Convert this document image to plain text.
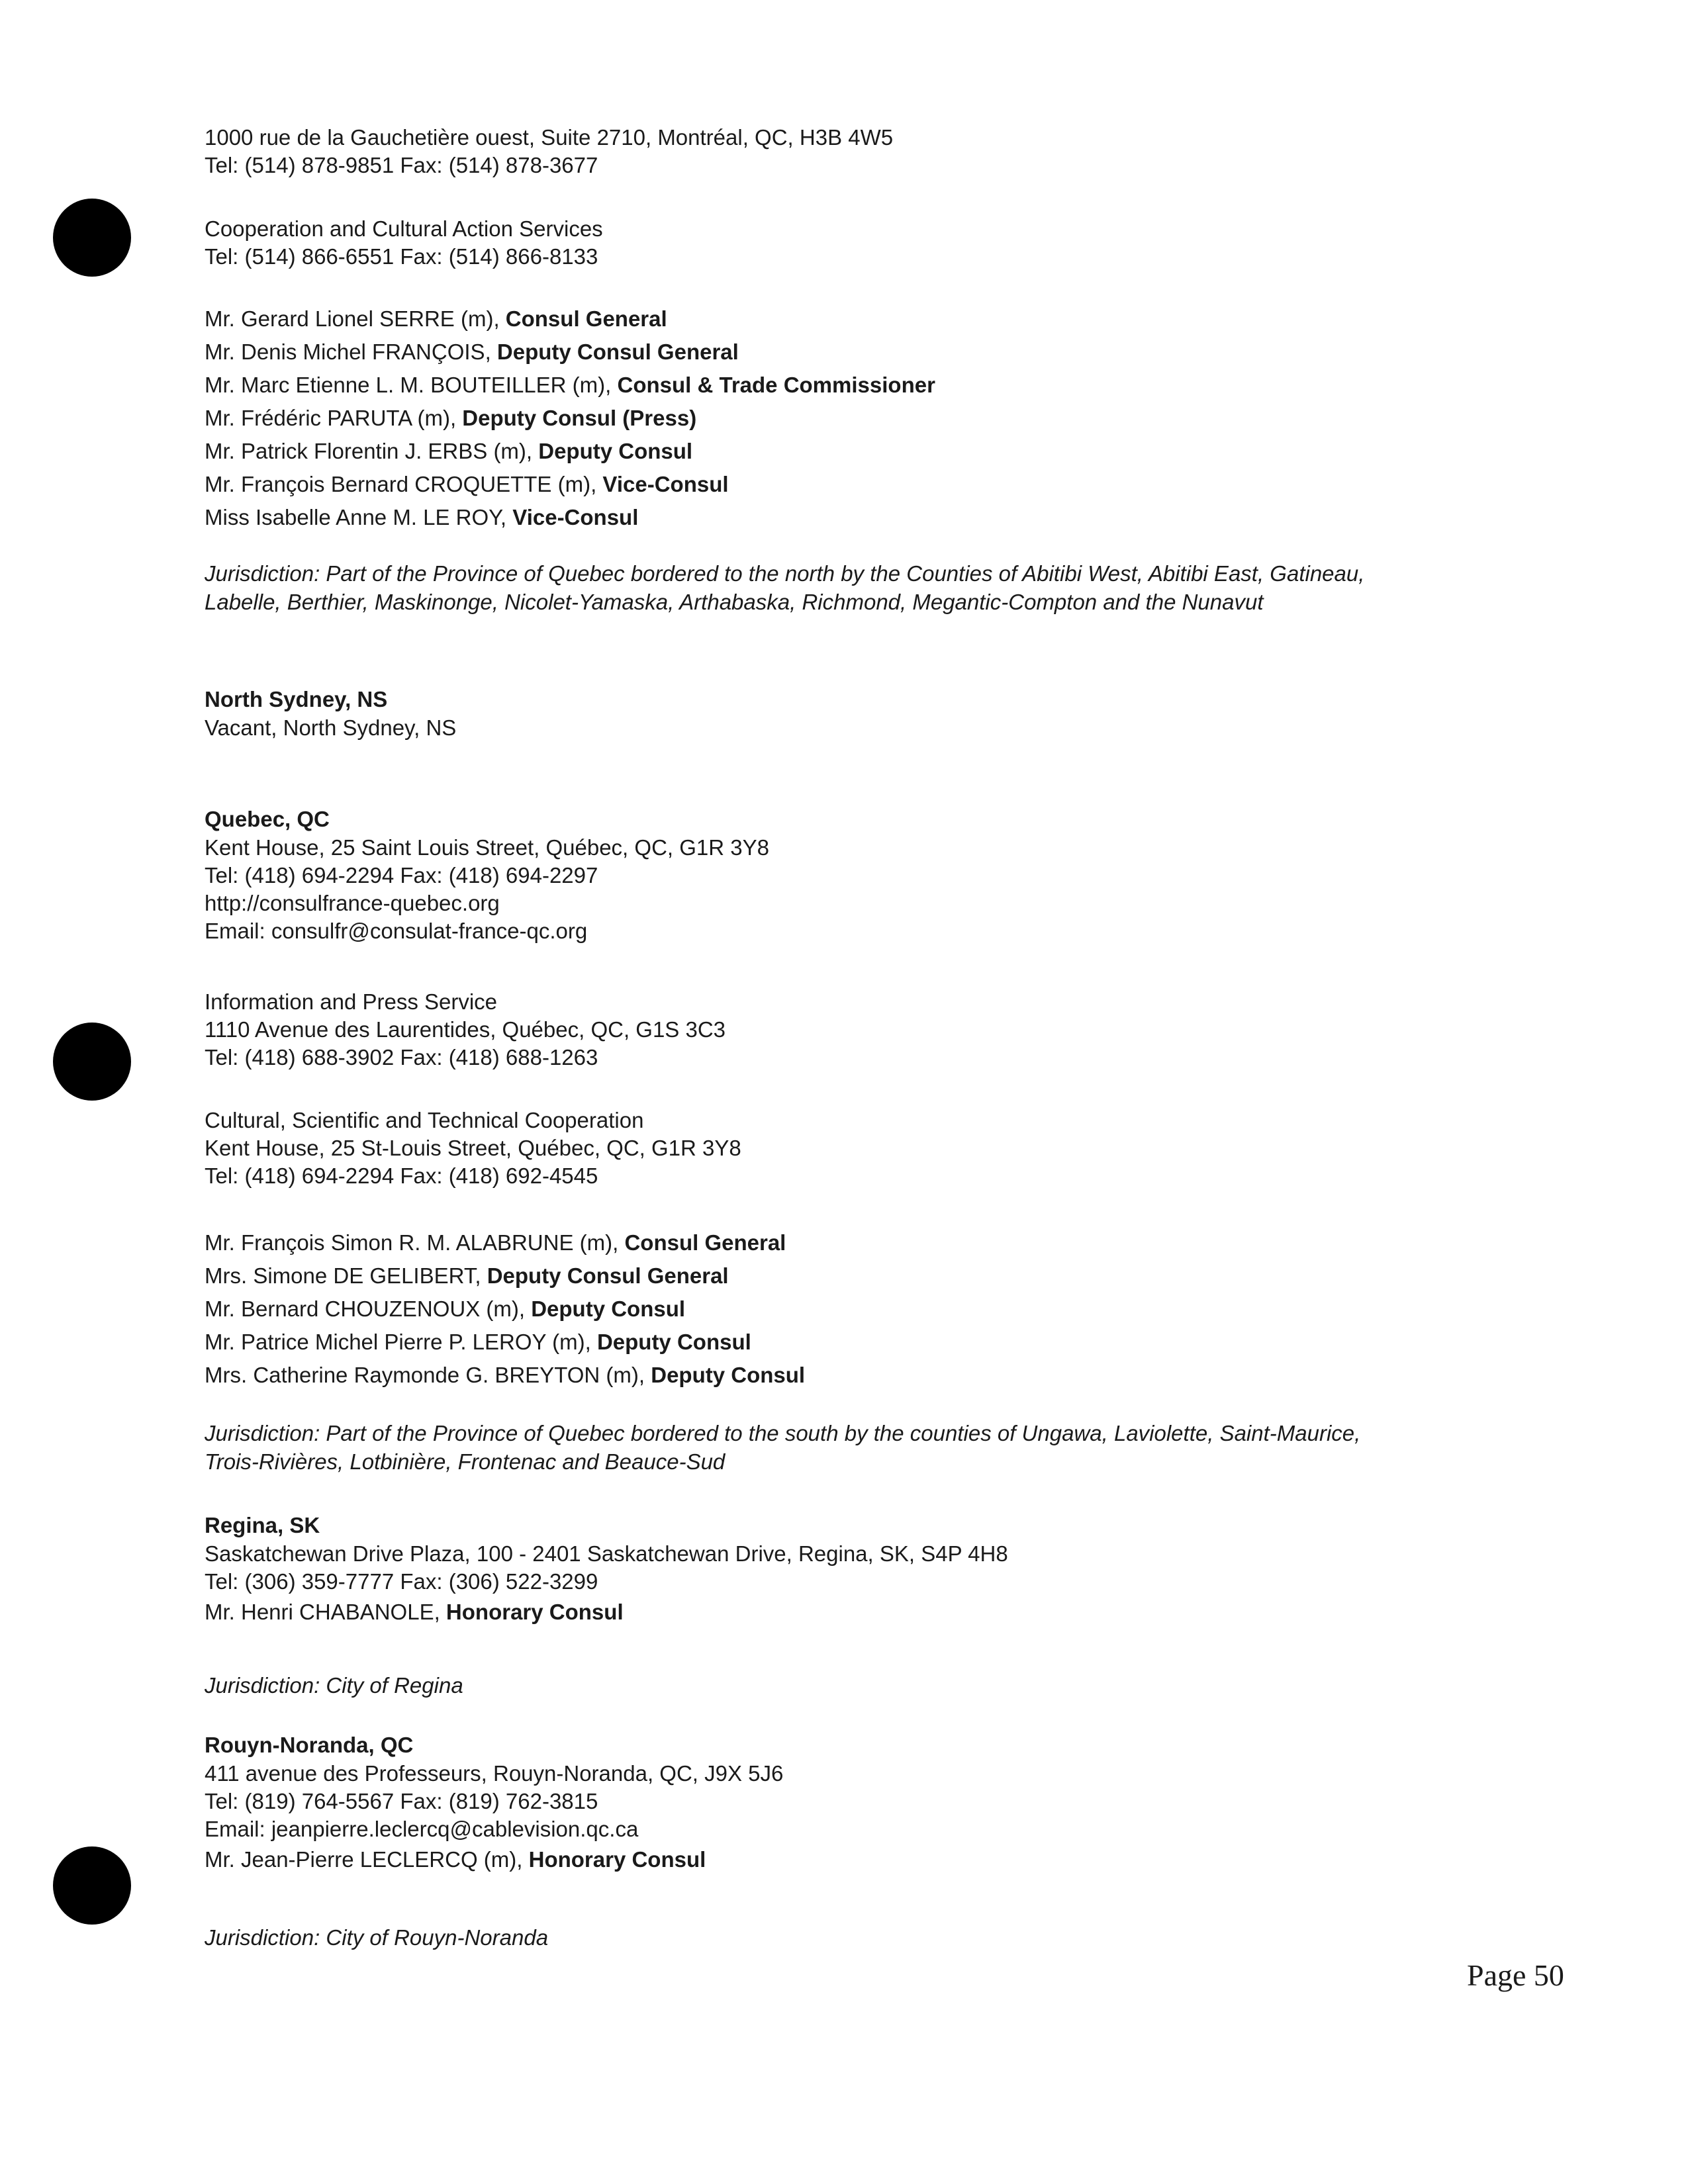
1000 rue de la Gauchetière ouest, Suite 2710, Montréal, QC, H3B 4W5
Tel: (514) 878-9851 Fax: (514) 878-3677
Cooperation and Cultural Action Services
Tel: (514) 866-6551 Fax: (514) 866-8133
Mr. Gerard Lionel SERRE (m), Consul General
Mr. Denis Michel FRANÇOIS, Deputy Consul General
Mr. Marc Etienne L. M. BOUTEILLER (m), Consul & Trade Commissioner
Mr. Frédéric PARUTA (m), Deputy Consul (Press)
Mr. Patrick Florentin J. ERBS (m), Deputy Consul
Mr. François Bernard CROQUETTE (m), Vice-Consul
Miss Isabelle Anne M. LE ROY, Vice-Consul
Jurisdiction: Part of the Province of Quebec bordered to the north by the Counties of Abitibi West, Abitibi East, Gatineau,
Labelle, Berthier, Maskinonge, Nicolet-Yamaska, Arthabaska, Richmond, Megantic-Compton and the Nunavut
North Sydney, NS
Vacant, North Sydney, NS
Quebec, QC
Kent House, 25 Saint Louis Street, Québec, QC, G1R 3Y8
Tel: (418) 694-2294 Fax: (418) 694-2297
http://consulfrance-quebec.org
Email: consulfr@consulat-france-qc.org
Information and Press Service
1110 Avenue des Laurentides, Québec, QC, G1S 3C3
Tel: (418) 688-3902 Fax: (418) 688-1263
Cultural, Scientific and Technical Cooperation
Kent House, 25 St-Louis Street, Québec, QC, G1R 3Y8
Tel: (418) 694-2294 Fax: (418) 692-4545
Mr. François Simon R. M. ALABRUNE (m), Consul General
Mrs. Simone DE GELIBERT, Deputy Consul General
Mr. Bernard CHOUZENOUX (m), Deputy Consul
Mr. Patrice Michel Pierre P. LEROY (m), Deputy Consul
Mrs. Catherine Raymonde G. BREYTON (m), Deputy Consul
Jurisdiction: Part of the Province of Quebec bordered to the south by the counties of Ungawa, Laviolette, Saint-Maurice,
Trois-Rivières, Lotbinière, Frontenac and Beauce-Sud
Regina, SK
Saskatchewan Drive Plaza, 100 - 2401 Saskatchewan Drive, Regina, SK, S4P 4H8
Tel: (306) 359-7777 Fax: (306) 522-3299
Mr. Henri CHABANOLE, Honorary Consul
Jurisdiction: City of Regina
Rouyn-Noranda, QC
411 avenue des Professeurs, Rouyn-Noranda, QC, J9X 5J6
Tel: (819) 764-5567 Fax: (819) 762-3815
Email: jeanpierre.leclercq@cablevision.qc.ca
Mr. Jean-Pierre LECLERCQ (m), Honorary Consul
Jurisdiction: City of Rouyn-Noranda
Page 50
